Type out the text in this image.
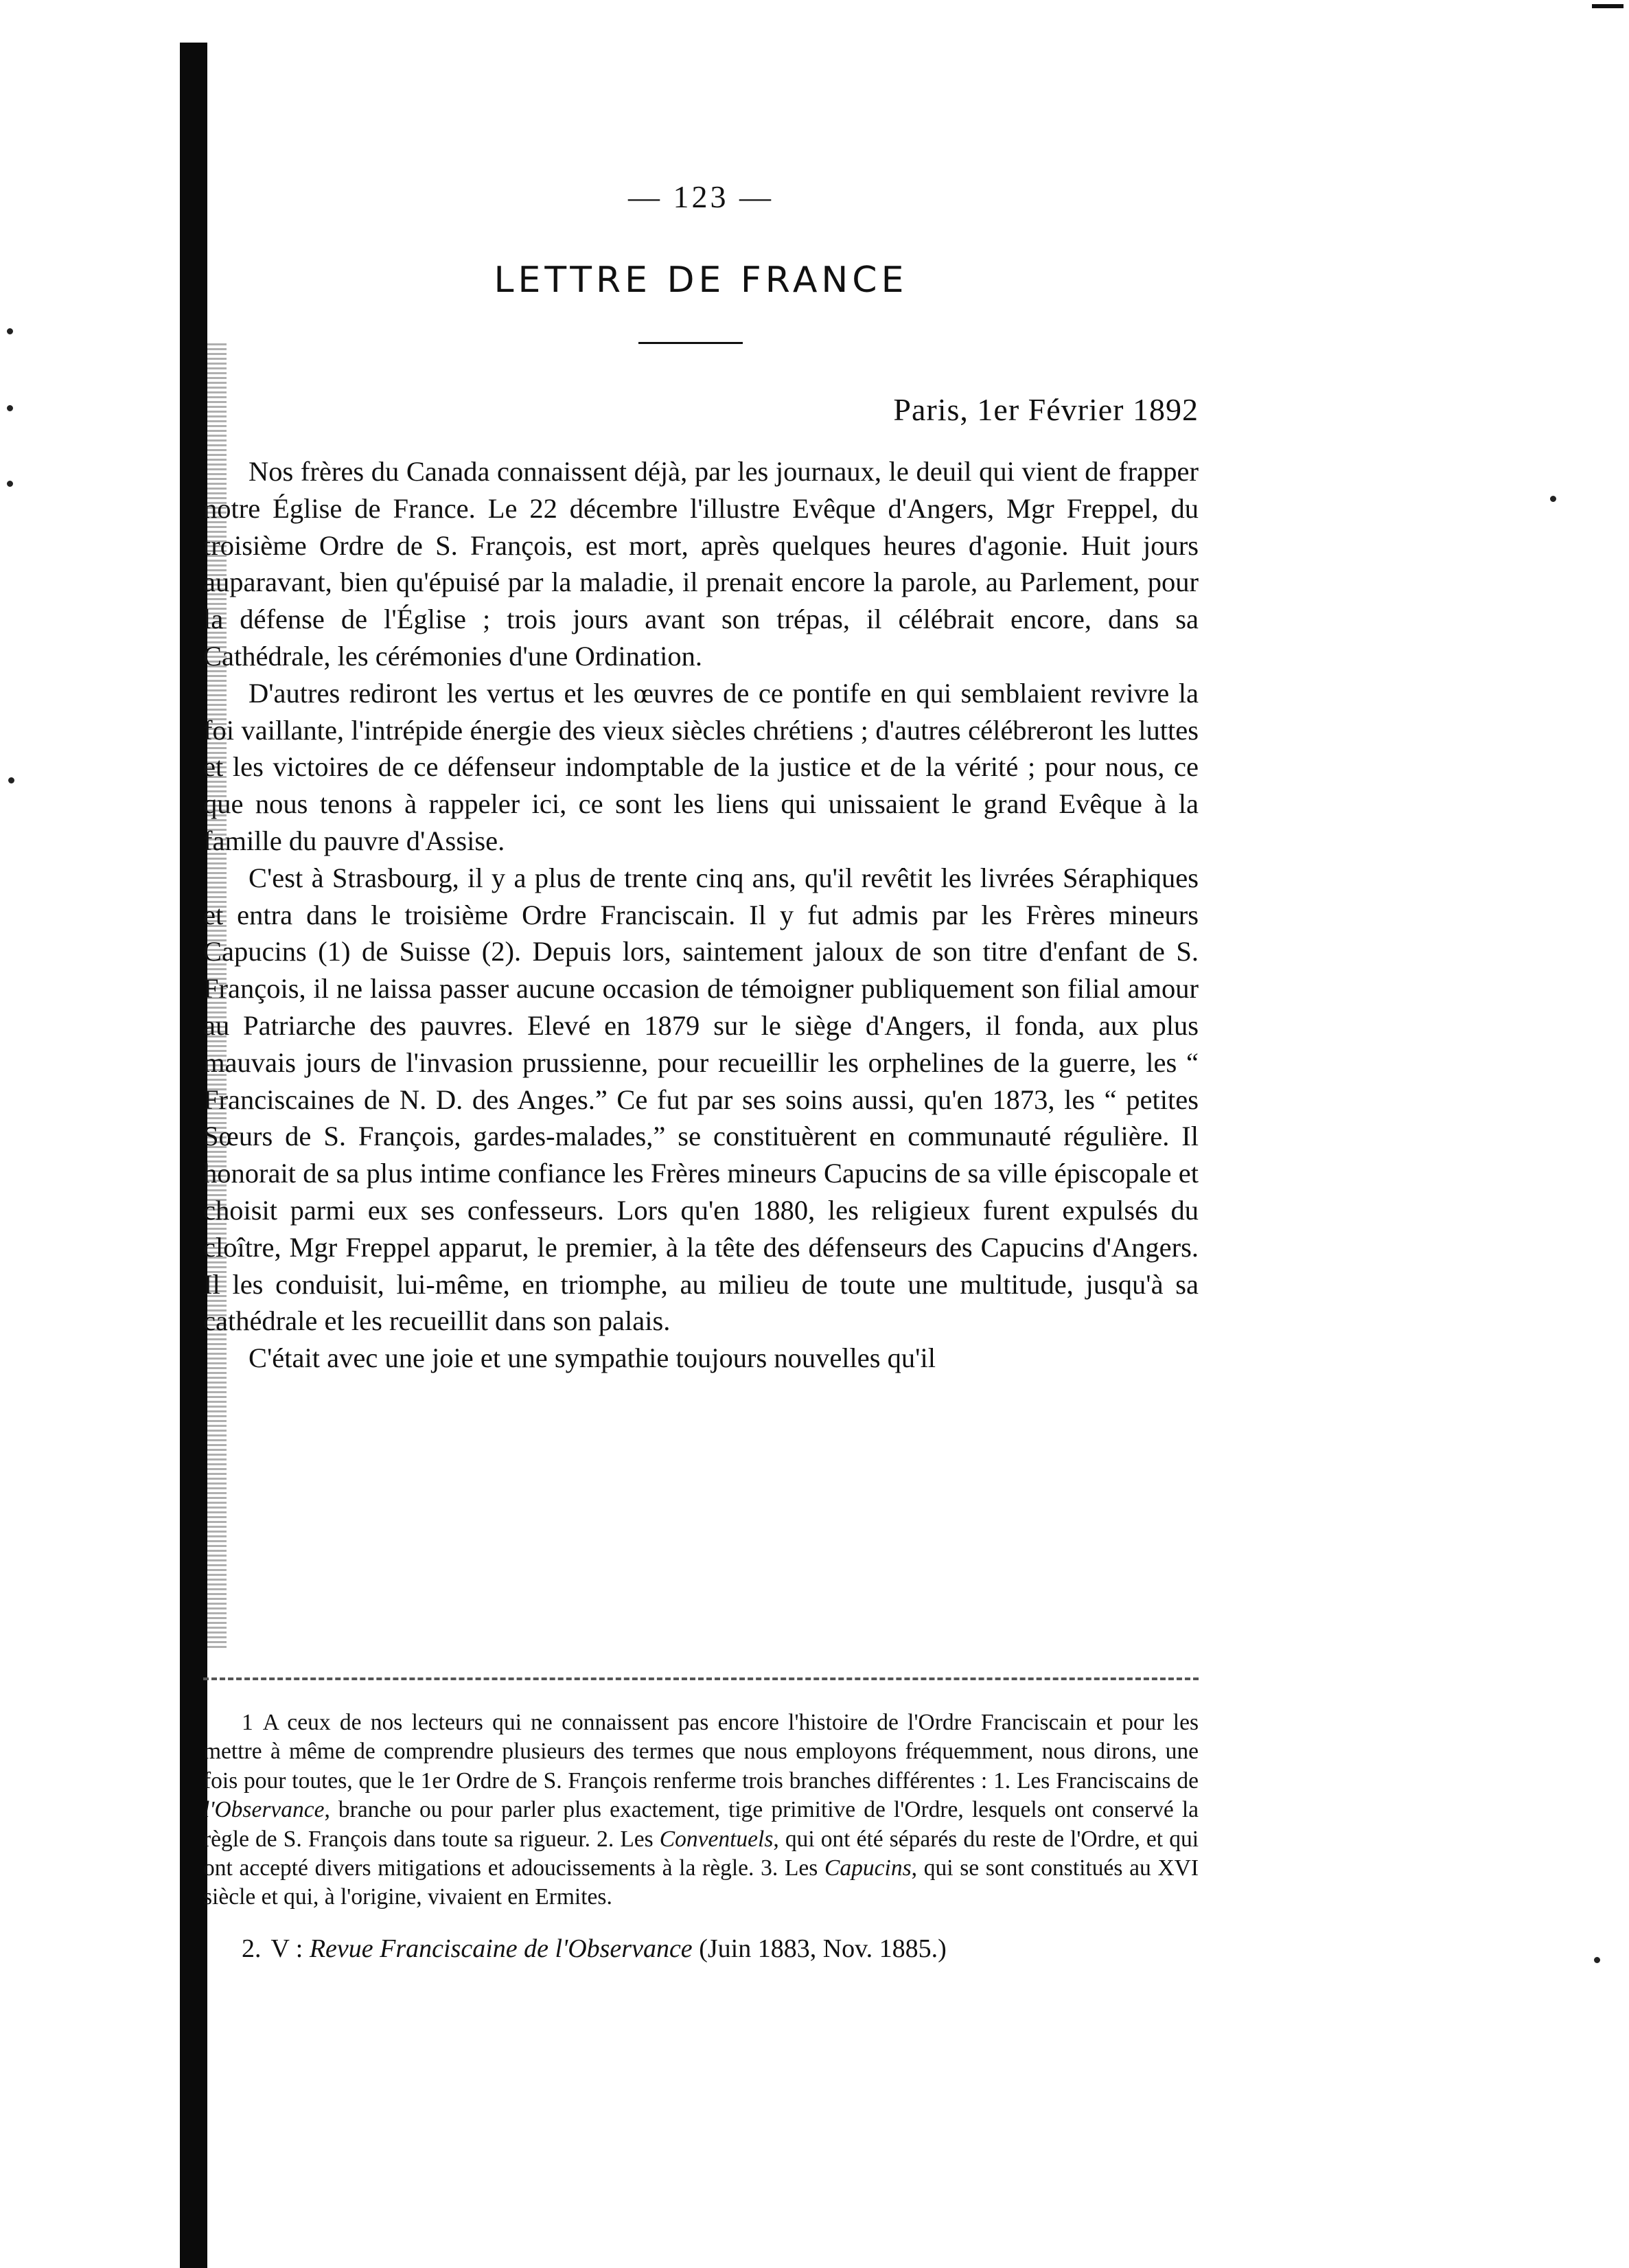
— 123 —
LETTRE DE FRANCE
Paris, 1er Février 1892

Nos frères du Canada connaissent déjà, par les journaux, le deuil qui vient de frapper notre Église de France. Le 22 décembre l'illustre Evêque d'Angers, Mgr Freppel, du troisième Ordre de S. François, est mort, après quelques heures d'agonie. Huit jours auparavant, bien qu'épuisé par la maladie, il prenait encore la parole, au Parlement, pour la défense de l'Église ; trois jours avant son trépas, il célébrait encore, dans sa Cathédrale, les cérémonies d'une Ordination.

D'autres rediront les vertus et les œuvres de ce pontife en qui semblaient revivre la foi vaillante, l'intrépide énergie des vieux siècles chrétiens ; d'autres célébreront les luttes et les victoires de ce défenseur indomptable de la justice et de la vérité ; pour nous, ce que nous tenons à rappeler ici, ce sont les liens qui unissaient le grand Evêque à la famille du pauvre d'Assise.

C'est à Strasbourg, il y a plus de trente cinq ans, qu'il revêtit les livrées Séraphiques et entra dans le troisième Ordre Franciscain. Il y fut admis par les Frères mineurs Capucins (1) de Suisse (2). Depuis lors, saintement jaloux de son titre d'enfant de S. François, il ne laissa passer aucune occasion de témoigner publiquement son filial amour au Patriarche des pauvres. Elevé en 1879 sur le siège d'Angers, il fonda, aux plus mauvais jours de l'invasion prussienne, pour recueillir les orphelines de la guerre, les “ Franciscaines de N. D. des Anges.” Ce fut par ses soins aussi, qu'en 1873, les “ petites Sœurs de S. François, gardes-malades,” se constituèrent en communauté régulière. Il honorait de sa plus intime confiance les Frères mineurs Capucins de sa ville épiscopale et choisit parmi eux ses confesseurs. Lors qu'en 1880, les religieux furent expulsés du cloître, Mgr Freppel apparut, le premier, à la tête des défenseurs des Capucins d'Angers. Il les conduisit, lui-même, en triomphe, au milieu de toute une multitude, jusqu'à sa cathédrale et les recueillit dans son palais.

C'était avec une joie et une sympathie toujours nouvelles qu'il

1 A ceux de nos lecteurs qui ne connaissent pas encore l'histoire de l'Ordre Franciscain et pour les mettre à même de comprendre plusieurs des termes que nous employons fréquemment, nous dirons, une fois pour toutes, que le 1er Ordre de S. François renferme trois branches différentes : 1. Les Franciscains de l'Observance, branche ou pour parler plus exactement, tige primitive de l'Ordre, lesquels ont conservé la règle de S. François dans toute sa rigueur. 2. Les Conventuels, qui ont été séparés du reste de l'Ordre, et qui ont accepté divers mitigations et adoucissements à la règle. 3. Les Capucins, qui se sont constitués au XVI siècle et qui, à l'origine, vivaient en Ermites.

2. V : Revue Franciscaine de l'Observance (Juin 1883, Nov. 1885.)
